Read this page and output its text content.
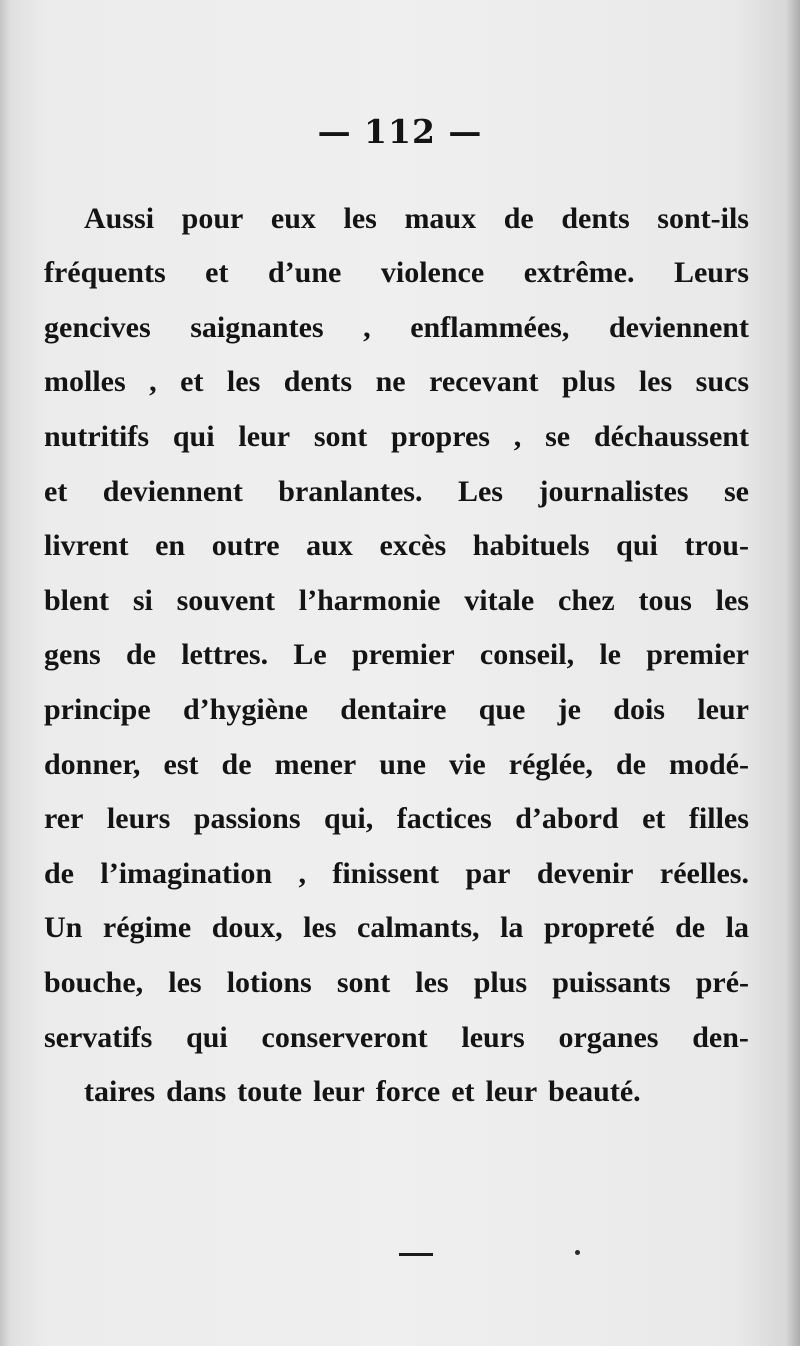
— 112 —
Aussi pour eux les maux de dents sont-ils
fréquents et d’une violence extrême. Leurs
gencives saignantes , enflammées, deviennent
molles , et les dents ne recevant plus les sucs
nutritifs qui leur sont propres , se déchaussent
et deviennent branlantes. Les journalistes se
livrent en outre aux excès habituels qui trou-
blent si souvent l’harmonie vitale chez tous les
gens de lettres. Le premier conseil, le premier
principe d’hygiène dentaire que je dois leur
donner, est de mener une vie réglée, de modé-
rer leurs passions qui, factices d’abord et filles
de l’imagination , finissent par devenir réelles.
Un régime doux, les calmants, la propreté de la
bouche, les lotions sont les plus puissants pré-
servatifs qui conserveront leurs organes den-
taires dans toute leur force et leur beauté.
